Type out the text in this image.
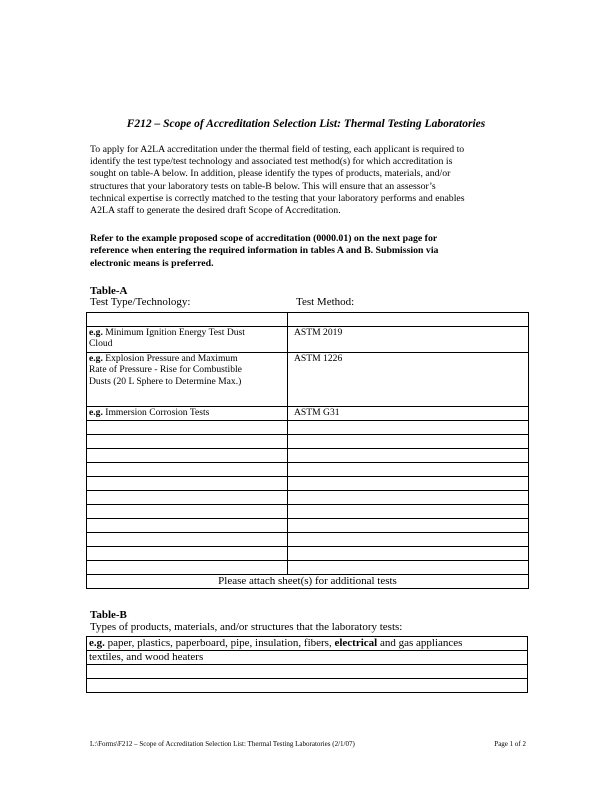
F212 – Scope of Accreditation Selection List: Thermal Testing Laboratories

To apply for A2LA accreditation under the thermal field of testing, each applicant is required to

identify the test type/test technology and associated test method(s) for which accreditation is

sought on table-A below. In addition, please identify the types of products, materials, and/or

structures that your laboratory tests on table-B below. This will ensure that an assessor’s

technical expertise is correctly matched to the testing that your laboratory performs and enables

A2LA staff to generate the desired draft Scope of Accreditation.

Refer to the example proposed scope of accreditation (0000.01) on the next page for

reference when entering the required information in tables A and B. Submission via

electronic means is preferred.

Table-A
Test Type/Technology:	Test Method:

e.g. Minimum Ignition Energy Test Dust
Cloud	ASTM 2019
e.g. Explosion Pressure and Maximum
Rate of Pressure - Rise for Combustible
Dusts (20 L Sphere to Determine Max.)	ASTM 1226
e.g. Immersion Corrosion Tests	ASTM G31

Please attach sheet(s) for additional tests	
Table-B
Types of products, materials, and/or structures that the laboratory tests:
e.g. paper, plastics, paperboard, pipe, insulation, fibers, electrical and gas appliances
textiles, and wood heaters

L:\Forms\F212 – Scope of Accreditation Selection List: Thermal Testing Laboratories (2/1/07)	Page 1 of 2
